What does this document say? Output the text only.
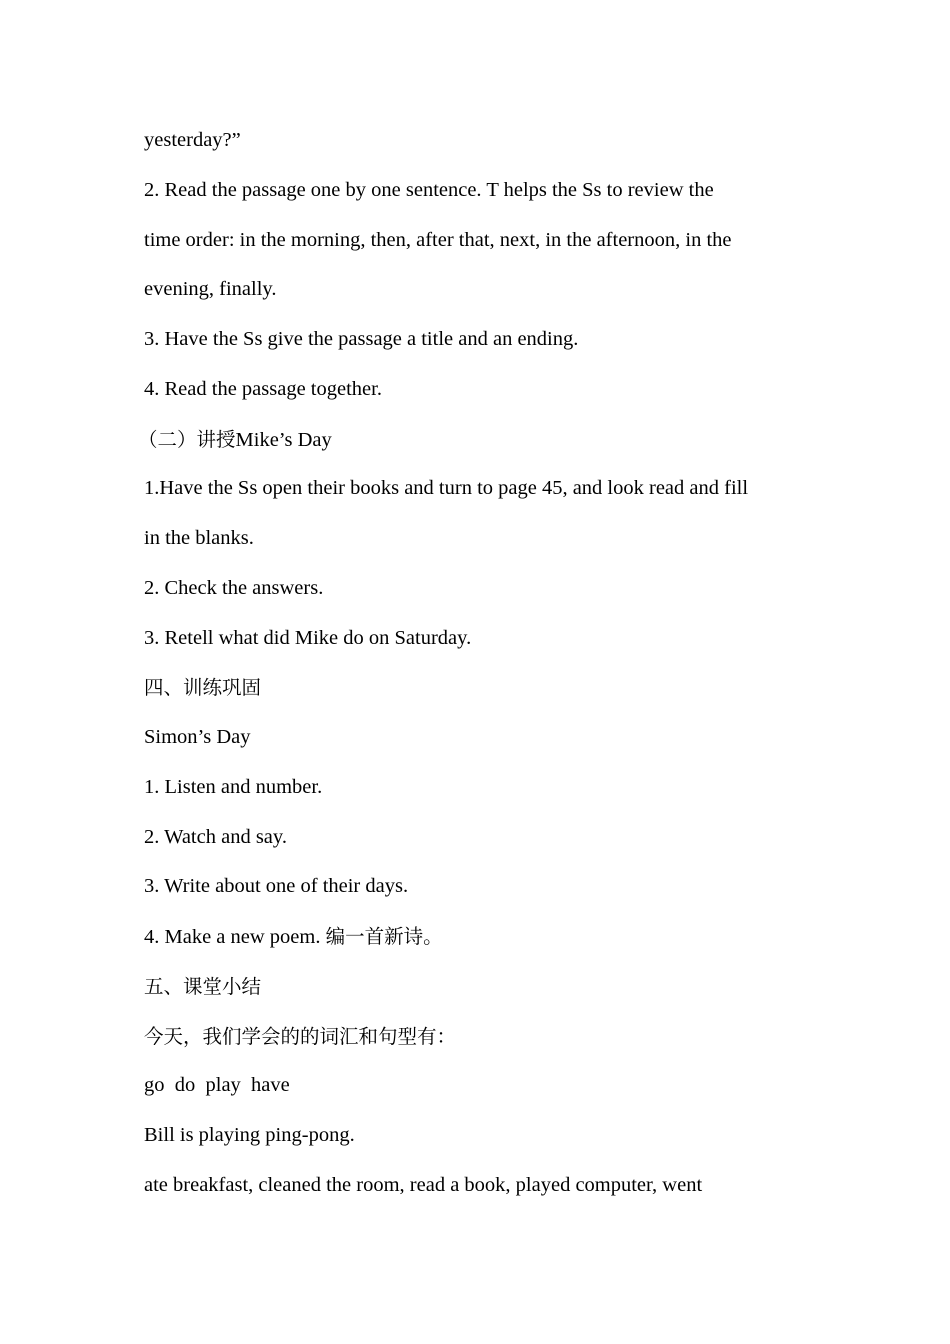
yesterday?”
2. Read the passage one by one sentence. T helps the Ss to review the
time order: in the morning, then, after that, next, in the afternoon, in the
evening, finally.
3. Have the Ss give the passage a title and an ending.
4. Read the passage together.
（二）讲授Mike’s Day
1.Have the Ss open their books and turn to page 45, and look read and fill
in the blanks.
2. Check the answers.
3. Retell what did Mike do on Saturday.
四、训练巩固
Simon’s Day
1. Listen and number.
2. Watch and say.
3. Write about one of their days.
4. Make a new poem. 编一首新诗。
五、课堂小结
今天，我们学会的的词汇和句型有：
go  do  play  have
Bill is playing ping-pong.
ate breakfast, cleaned the room, read a book, played computer, went
